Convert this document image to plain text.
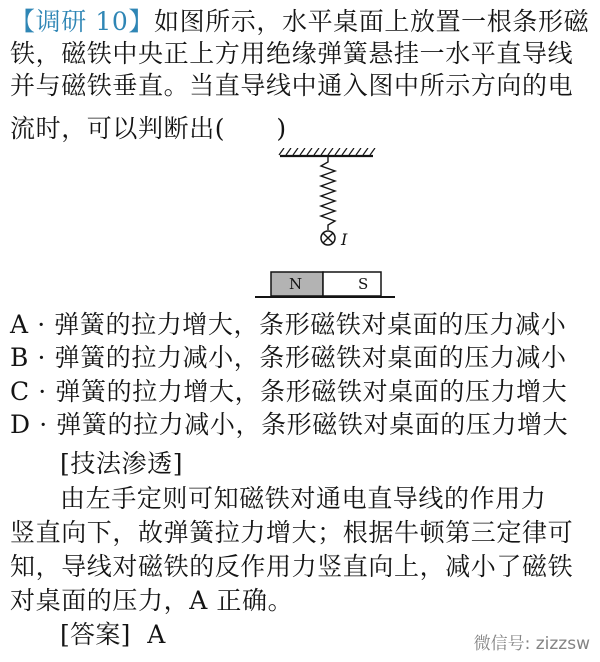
【调研 10】如图所示，水平桌面上放置一根条形磁
铁，磁铁中央正上方用绝缘弹簧悬挂一水平直导线
并与磁铁垂直。当直导线中通入图中所示方向的电
流时，可以判断出(　　)
I
N	S
A · 弹簧的拉力增大，条形磁铁对桌面的压力减小
B · 弹簧的拉力减小，条形磁铁对桌面的压力减小
C · 弹簧的拉力增大，条形磁铁对桌面的压力增大
D · 弹簧的拉力减小，条形磁铁对桌面的压力增大
[技法渗透]
由左手定则可知磁铁对通电直导线的作用力
竖直向下，故弹簧拉力增大；根据牛顿第三定律可
知，导线对磁铁的反作用力竖直向上，减小了磁铁
对桌面的压力，A 正确。
[答案] A	微信号: zizzsw
